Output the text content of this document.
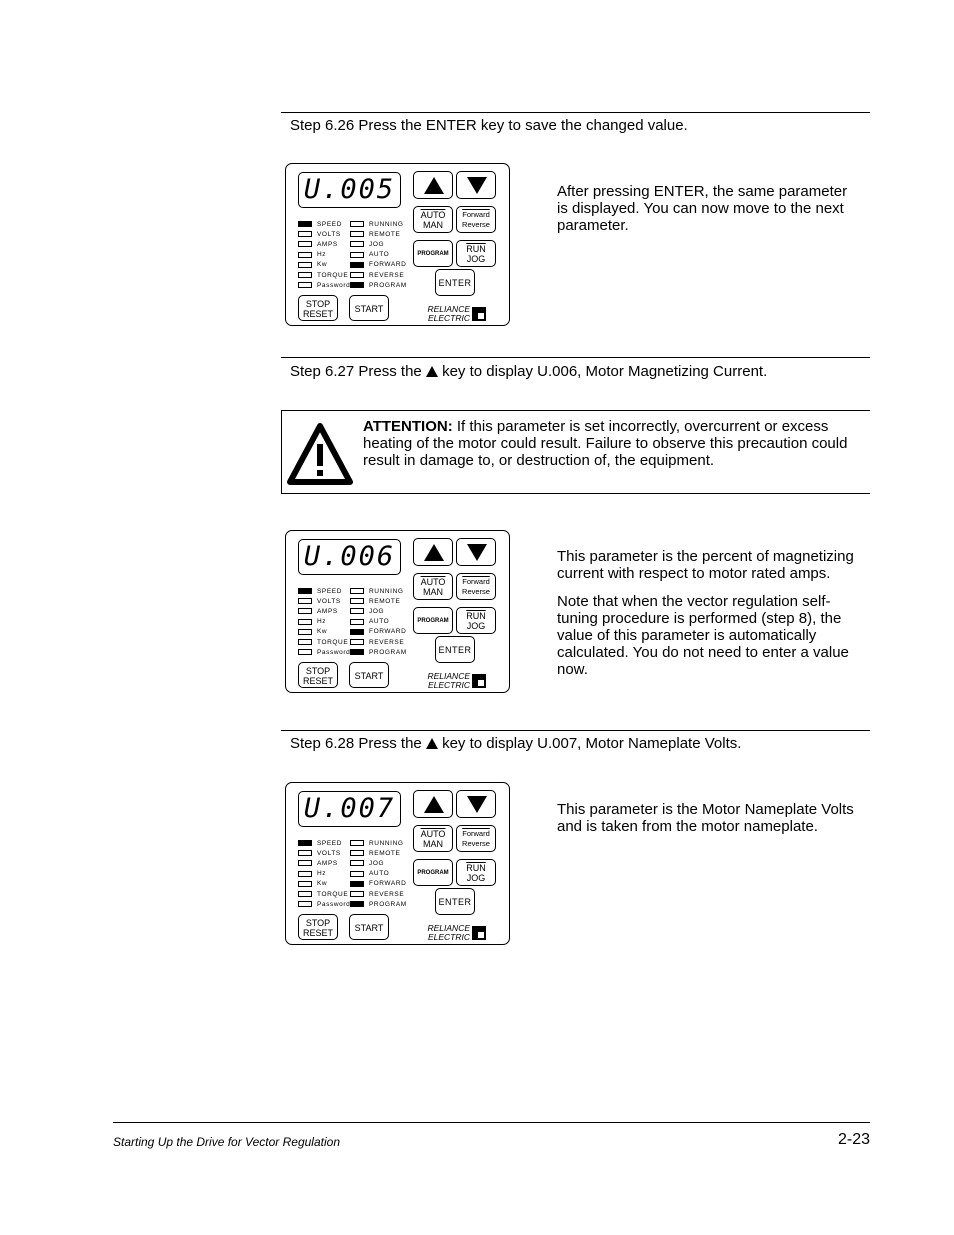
Step 6.26 Press the ENTER key to save the changed value.
U.005
SPEED
VOLTS
AMPS
Hz
Kw
TORQUE
Password
RUNNING
REMOTE
JOG
AUTO
FORWARD
REVERSE
PROGRAM
AUTO
MAN
Forward
Reverse
PROGRAM	$\overline{RUN}$
JOG
ENTER
STOP
RESET	START	RELIANCE
ELECTRIC

After pressing ENTER, the same parameter is displayed. You can now move to the next parameter.

Step 6.27 Press the  key to display U.006, Motor Magnetizing Current.
ATTENTION: If this parameter is set incorrectly, overcurrent or excess heating of the motor could result. Failure to observe this precaution could result in damage to, or destruction of, the equipment.
U.006
SPEED
VOLTS
AMPS
Hz
Kw
TORQUE
Password
RUNNING
REMOTE
JOG
AUTO
FORWARD
REVERSE
PROGRAM
AUTO
MAN
Forward
Reverse
PROGRAM	$\overline{RUN}$
JOG
ENTER
STOP
RESET	START	RELIANCE
ELECTRIC

This parameter is the percent of magnetizing current with respect to motor rated amps.

Note that when the vector regulation self-tuning procedure is performed (step 8), the value of this parameter is automatically calculated. You do not need to enter a value now.

Step 6.28 Press the  key to display U.007, Motor Nameplate Volts.
U.007
SPEED
VOLTS
AMPS
Hz
Kw
TORQUE
Password
RUNNING
REMOTE
JOG
AUTO
FORWARD
REVERSE
PROGRAM
AUTO
MAN
Forward
Reverse
PROGRAM	$\overline{RUN}$
JOG
ENTER
STOP
RESET	START	RELIANCE
ELECTRIC

This parameter is the Motor Nameplate Volts and is taken from the motor nameplate.

Starting Up the Drive for Vector Regulation	2-23
